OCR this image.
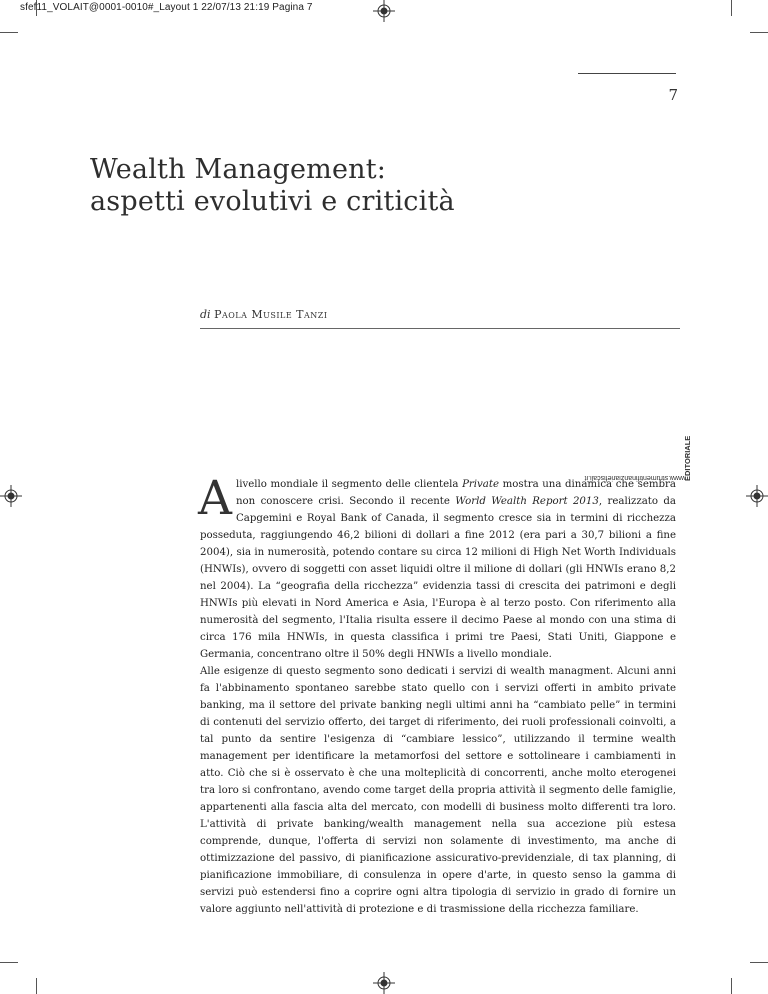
sfef11_VOLAIT@0001-0010#_Layout 1 22/07/13 21:19 Pagina 7
7
Wealth Management:
aspetti evolutivi e criticità
di Paola Musile Tanzi
www.strumentifinanziariefiscali.it
EDITORIALE

A livello mondiale il segmento delle clientela Private mostra una dinamica che sembra non conoscere crisi. Secondo il recente World Wealth Report 2013, realizzato da Capgemini e Royal Bank of Canada, il segmento cresce sia in termini di ricchezza posseduta, raggiungendo 46,2 bilioni di dollari a fine 2012 (era pari a 30,7 bilioni a fine 2004), sia in numerosità, potendo contare su circa 12 milioni di High Net Worth Individuals (HNWIs), ovvero di soggetti con asset liquidi oltre il milione di dollari (gli HNWIs erano 8,2 nel 2004). La “geografia della ricchezza” evidenzia tassi di crescita dei patrimoni e degli HNWIs più elevati in Nord America e Asia, l'Europa è al terzo posto. Con riferimento alla numerosità del segmento, l'Italia risulta essere il decimo Paese al mondo con una stima di circa 176 mila HNWIs, in questa classifica i primi tre Paesi, Stati Uniti, Giappone e Germania, concentrano oltre il 50% degli HNWIs a livello mondiale.

Alle esigenze di questo segmento sono dedicati i servizi di wealth managment. Alcuni anni fa l'abbinamento spontaneo sarebbe stato quello con i servizi offerti in ambito private banking, ma il settore del private banking negli ultimi anni ha “cambiato pelle” in termini di contenuti del servizio offerto, dei target di riferimento, dei ruoli professionali coinvolti, a tal punto da sentire l'esigenza di “cambiare lessico”, utilizzando il termine wealth management per identificare la metamorfosi del settore e sottolineare i cambiamenti in atto. Ciò che si è osservato è che una molteplicità di concorrenti, anche molto eterogenei tra loro si confrontano, avendo come target della propria attività il segmento delle famiglie, appartenenti alla fascia alta del mercato, con modelli di business molto differenti tra loro. L'attività di private banking/wealth management nella sua accezione più estesa comprende, dunque, l'offerta di servizi non solamente di investimento, ma anche di ottimizzazione del passivo, di pianificazione assicurativo-previdenziale, di tax planning, di pianificazione immobiliare, di consulenza in opere d'arte, in questo senso la gamma di servizi può estendersi fino a coprire ogni altra tipologia di servizio in grado di fornire un valore aggiunto nell'attività di protezione e di trasmissione della ricchezza familiare.
